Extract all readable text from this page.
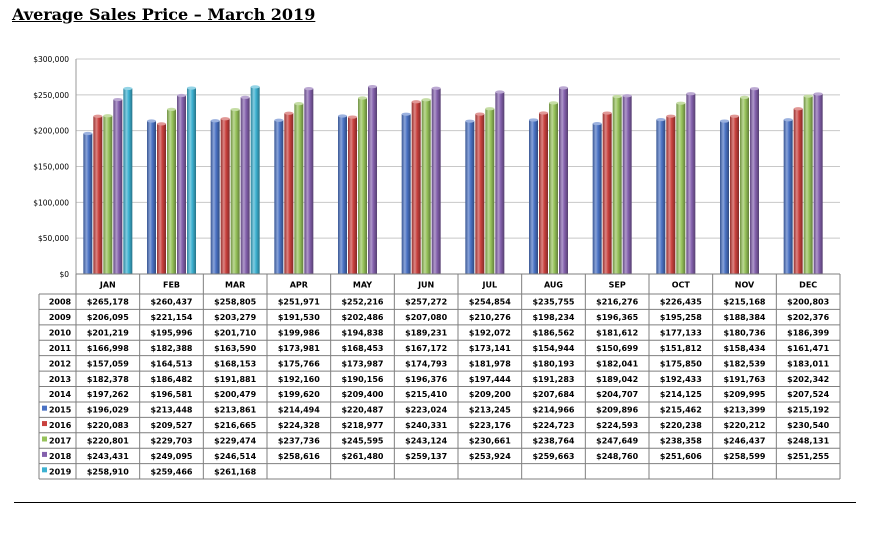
Average Sales Price – March 2019
$0
$50,000
$100,000
$150,000
$200,000
$250,000
$300,000
JAN	FEB	MAR	APR	MAY	JUN	JUL	AUG	SEP	OCT	NOV	DEC
2008 $265,178	$260,437	$258,805	$251,971	$252,216	$257,272	$254,854	$235,755	$216,276	$226,435	$215,168	$200,803
2009 $206,095	$221,154	$203,279	$191,530	$202,486	$207,080	$210,276	$198,234	$196,365	$195,258	$188,384	$202,376
2010 $201,219	$195,996	$201,710	$199,986	$194,838	$189,231	$192,072	$186,562	$181,612	$177,133	$180,736	$186,399
2011 $166,998	$182,388	$163,590	$173,981	$168,453	$167,172	$173,141	$154,944	$150,699	$151,812	$158,434	$161,471
2012 $157,059	$164,513	$168,153	$175,766	$173,987	$174,793	$181,978	$180,193	$182,041	$175,850	$182,539	$183,011
2013 $182,378	$186,482	$191,881	$192,160	$190,156	$196,376	$197,444	$191,283	$189,042	$192,433	$191,763	$202,342
2014 $197,262	$196,581	$200,479	$199,620	$209,400	$215,410	$209,200	$207,684	$204,707	$214,125	$209,995	$207,524
2015 $196,029	$213,448	$213,861	$214,494	$220,487	$223,024	$213,245	$214,966	$209,896	$215,462	$213,399	$215,192
2016 $220,083	$209,527	$216,665	$224,328	$218,977	$240,331	$223,176	$224,723	$224,593	$220,238	$220,212	$230,540
2017 $220,801	$229,703	$229,474	$237,736	$245,595	$243,124	$230,661	$238,764	$247,649	$238,358	$246,437	$248,131
2018 $243,431	$249,095	$246,514	$258,616	$261,480	$259,137	$253,924	$259,663	$248,760	$251,606	$258,599	$251,255
2019 $258,910	$259,466	$261,168
